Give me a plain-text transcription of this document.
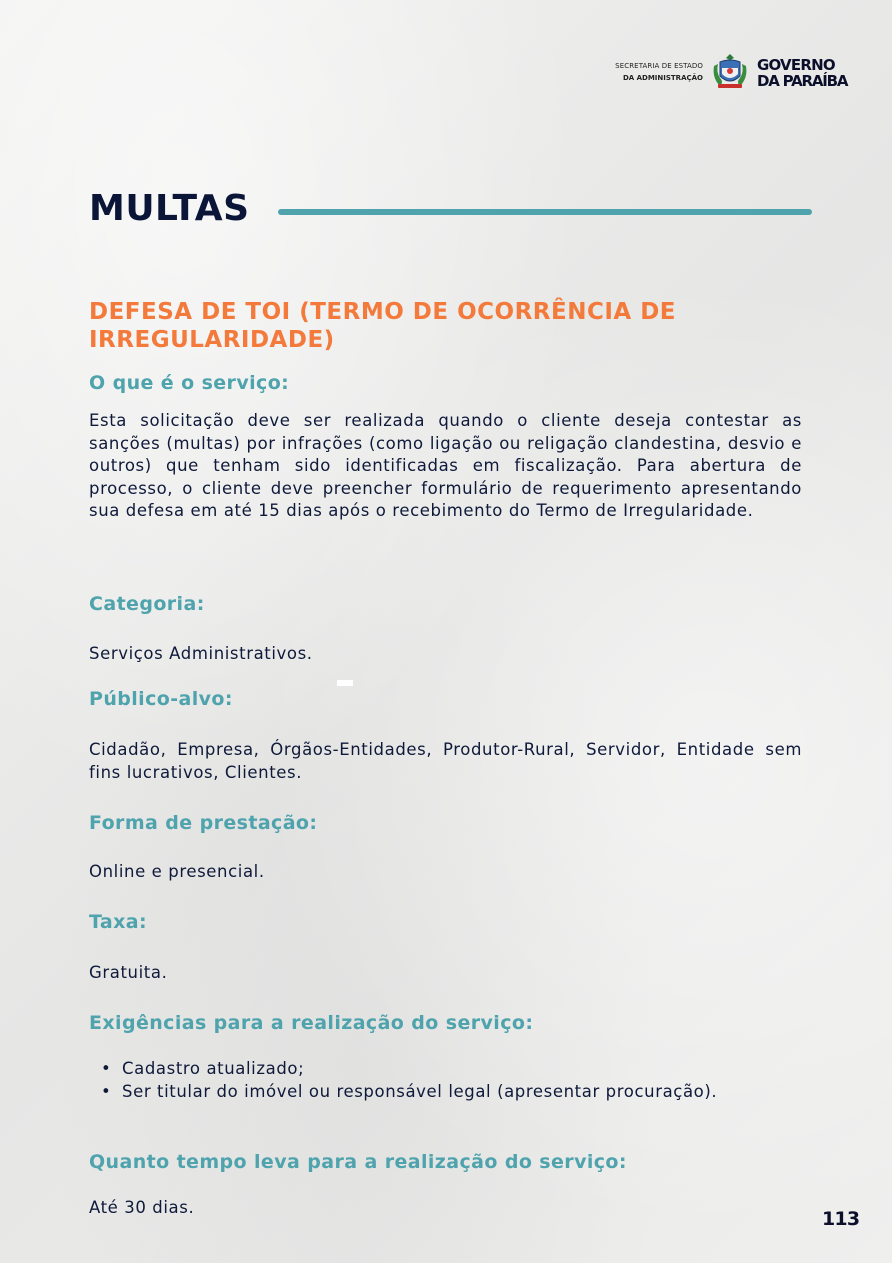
SECRETARIA DE ESTADO
DA ADMINISTRAÇÃO
GOVERNO
DA PARAÍBA
MULTAS
DEFESA DE TOI (TERMO DE OCORRÊNCIA DE IRREGULARIDADE)
O que é o serviço:
Esta solicitação deve ser realizada quando o cliente deseja contestar as sanções (multas) por infrações (como ligação ou religação clandestina, desvio e outros) que tenham sido identificadas em fiscalização. Para abertura de processo, o cliente deve preencher formulário de requerimento apresentando sua defesa em até 15 dias após o recebimento do Termo de Irregularidade.
Categoria:
Serviços Administrativos.
Público-alvo:
Cidadão, Empresa, Órgãos-Entidades, Produtor-Rural, Servidor, Entidade sem fins lucrativos, Clientes.
Forma de prestação:
Online e presencial.
Taxa:
Gratuita.
Exigências para a realização do serviço:
• Cadastro atualizado;
• Ser titular do imóvel ou responsável legal (apresentar procuração).
Quanto tempo leva para a realização do serviço:
Até 30 dias.
113
